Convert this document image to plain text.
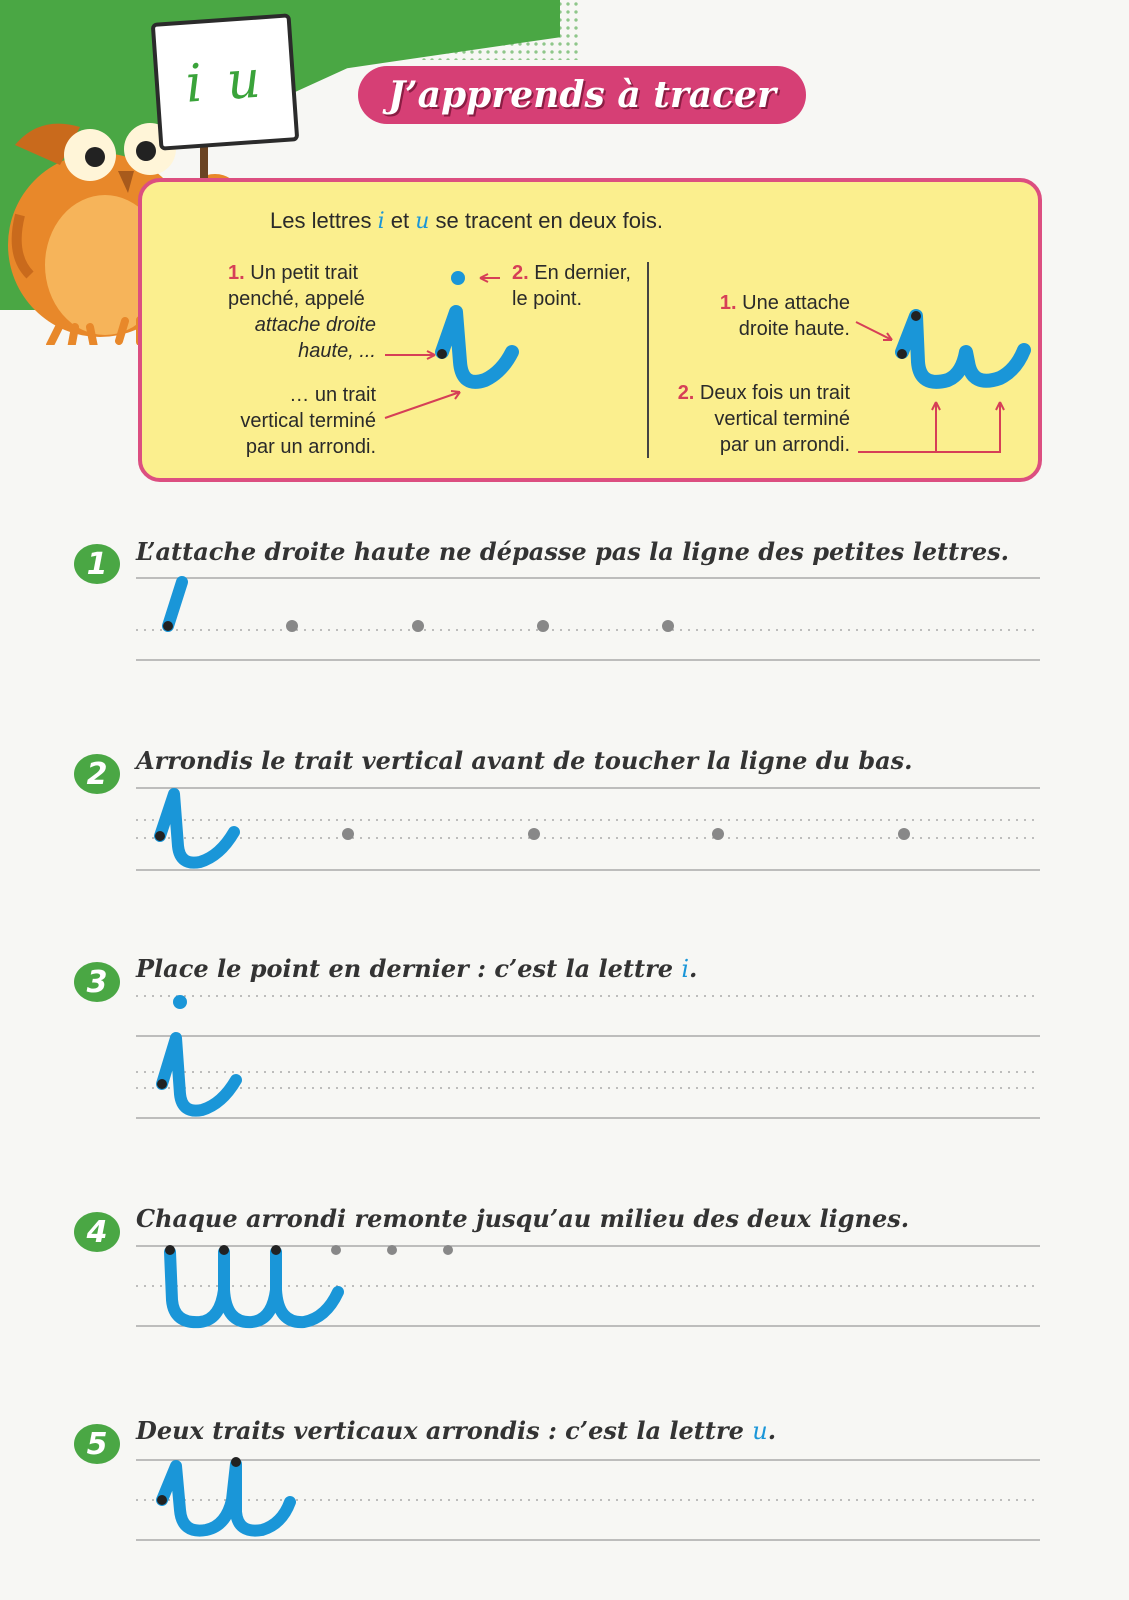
i u	J’apprends à tracer
Les lettres i et u se tracent en deux fois.
1. Un petit trait
penché, appelé
attache droite
haute, ...
… un trait
vertical terminé
par un arrondi.
2. En dernier,
le point.	1. Une attache
droite haute.
2. Deux fois un trait
vertical terminé
par un arrondi.
1	L’attache droite haute ne dépasse pas la ligne des petites lettres.
2	Arrondis le trait vertical avant de toucher la ligne du bas.
3	Place le point en dernier : c’est la lettre i.
4	Chaque arrondi remonte jusqu’au milieu des deux lignes.
5	Deux traits verticaux arrondis : c’est la lettre u.
